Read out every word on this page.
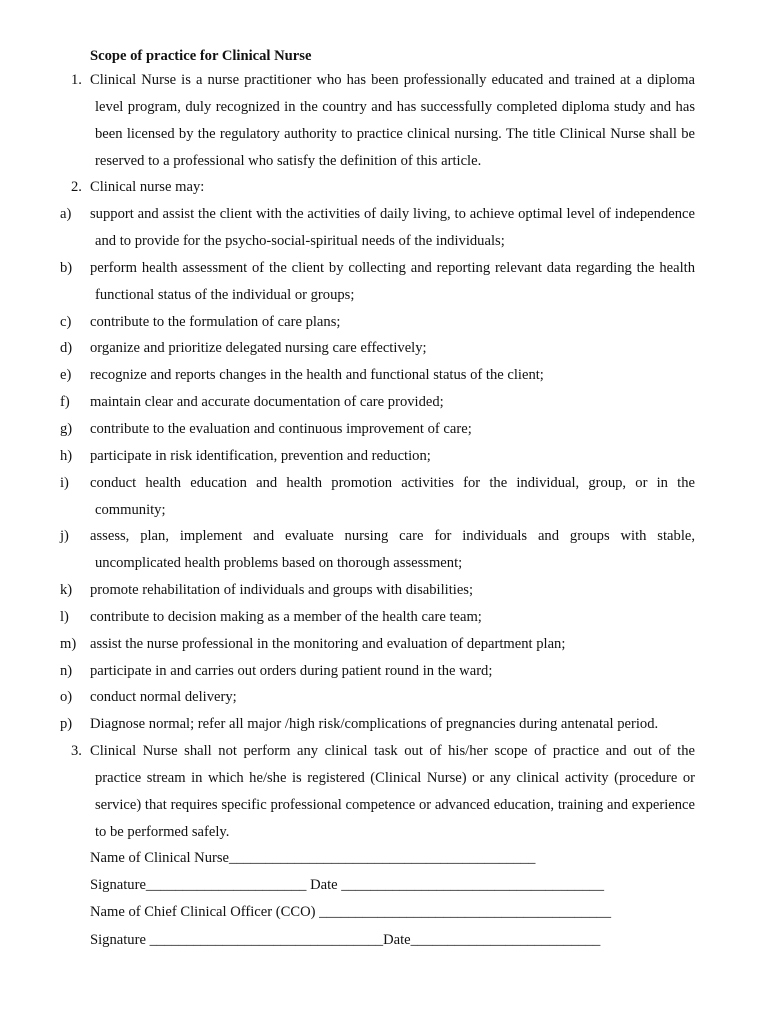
Scope of practice for Clinical Nurse
1. Clinical Nurse is a nurse practitioner who has been professionally educated and trained at a diploma level program, duly recognized in the country and has successfully completed diploma study and has been licensed by the regulatory authority to practice clinical nursing. The title Clinical Nurse shall be reserved to a professional who satisfy the definition of this article.
2. Clinical nurse may:
a)	support and assist the client with the activities of daily living, to achieve optimal level of independence and to provide for the psycho-social-spiritual needs of the individuals;
b)	perform health assessment of the client by collecting and reporting relevant data regarding the health functional status of the individual or groups;
c)	contribute to the formulation of care plans;
d)	organize and prioritize delegated nursing care effectively;
e)	recognize and reports changes in the health and functional status of the client;
f)	maintain clear and accurate documentation of care provided;
g)	contribute to the evaluation and continuous improvement of care;
h)	participate in risk identification, prevention and reduction;
i)	conduct health education and health promotion activities for the individual, group, or in the community;
j)	assess, plan, implement and evaluate nursing care for individuals and groups with stable, uncomplicated health problems based on thorough assessment;
k)	promote rehabilitation of individuals and groups with disabilities;
l)	contribute to decision making as a member of the health care team;
m) assist the nurse professional in the monitoring and evaluation of department plan;
n)	participate in and carries out orders during patient round in the ward;
o)	conduct normal delivery;
p)	Diagnose normal; refer all major /high risk/complications of pregnancies during antenatal period.
3. Clinical Nurse shall not perform any clinical task out of his/her scope of practice and out of the practice stream in which he/she is registered (Clinical Nurse) or any clinical activity (procedure or service) that requires specific professional competence or advanced education, training and experience to be performed safely.
Name of Clinical Nurse__________________________________________
Signature______________________ Date ____________________________________
Name of Chief Clinical Officer (CCO) ________________________________________
Signature ________________________________Date__________________________
